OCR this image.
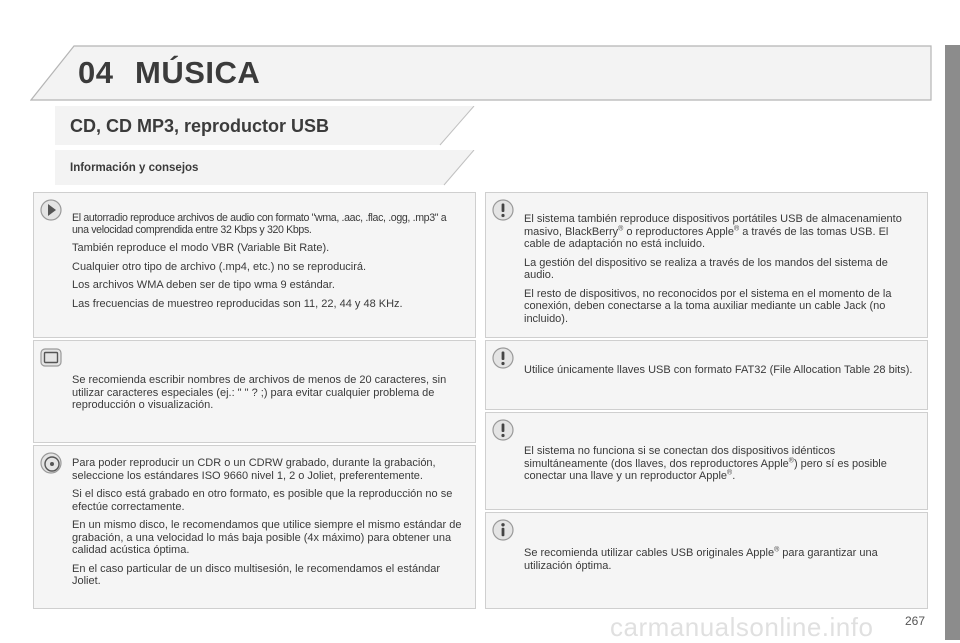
04 MÚSICA
CD, CD MP3, reproductor USB
Información y consejos

El autorradio reproduce archivos de audio con formato "wma, .aac, .flac, .ogg, .mp3" a una velocidad comprendida entre 32 Kbps y 320 Kbps.

También reproduce el modo VBR (Variable Bit Rate).

Cualquier otro tipo de archivo (.mp4, etc.) no se reproducirá.

Los archivos WMA deben ser de tipo wma 9 estándar.

Las frecuencias de muestreo reproducidas son 11, 22, 44 y 48 KHz.

Se recomienda escribir nombres de archivos de menos de 20 caracteres, sin utilizar caracteres especiales (ej.: " " ? ;) para evitar cualquier problema de reproducción o visualización.

Para poder reproducir un CDR o un CDRW grabado, durante la grabación, seleccione los estándares ISO 9660 nivel 1, 2 o Joliet, preferentemente.

Si el disco está grabado en otro formato, es posible que la reproducción no se efectúe correctamente.

En un mismo disco, le recomendamos que utilice siempre el mismo estándar de grabación, a una velocidad lo más baja posible (4x máximo) para obtener una calidad acústica óptima.

En el caso particular de un disco multisesión, le recomendamos el estándar Joliet.

El sistema también reproduce dispositivos portátiles USB de almacenamiento masivo, BlackBerry® o reproductores Apple® a través de las tomas USB. El cable de adaptación no está incluido.

La gestión del dispositivo se realiza a través de los mandos del sistema de audio.

El resto de dispositivos, no reconocidos por el sistema en el momento de la conexión, deben conectarse a la toma auxiliar mediante un cable Jack (no incluido).

Utilice únicamente llaves USB con formato FAT32 (File Allocation Table 28 bits).

El sistema no funciona si se conectan dos dispositivos idénticos simultáneamente (dos llaves, dos reproductores Apple®) pero sí es posible conectar una llave y un reproductor Apple®.

Se recomienda utilizar cables USB originales Apple® para garantizar una utilización óptima.

carmanualsonline.info	267
